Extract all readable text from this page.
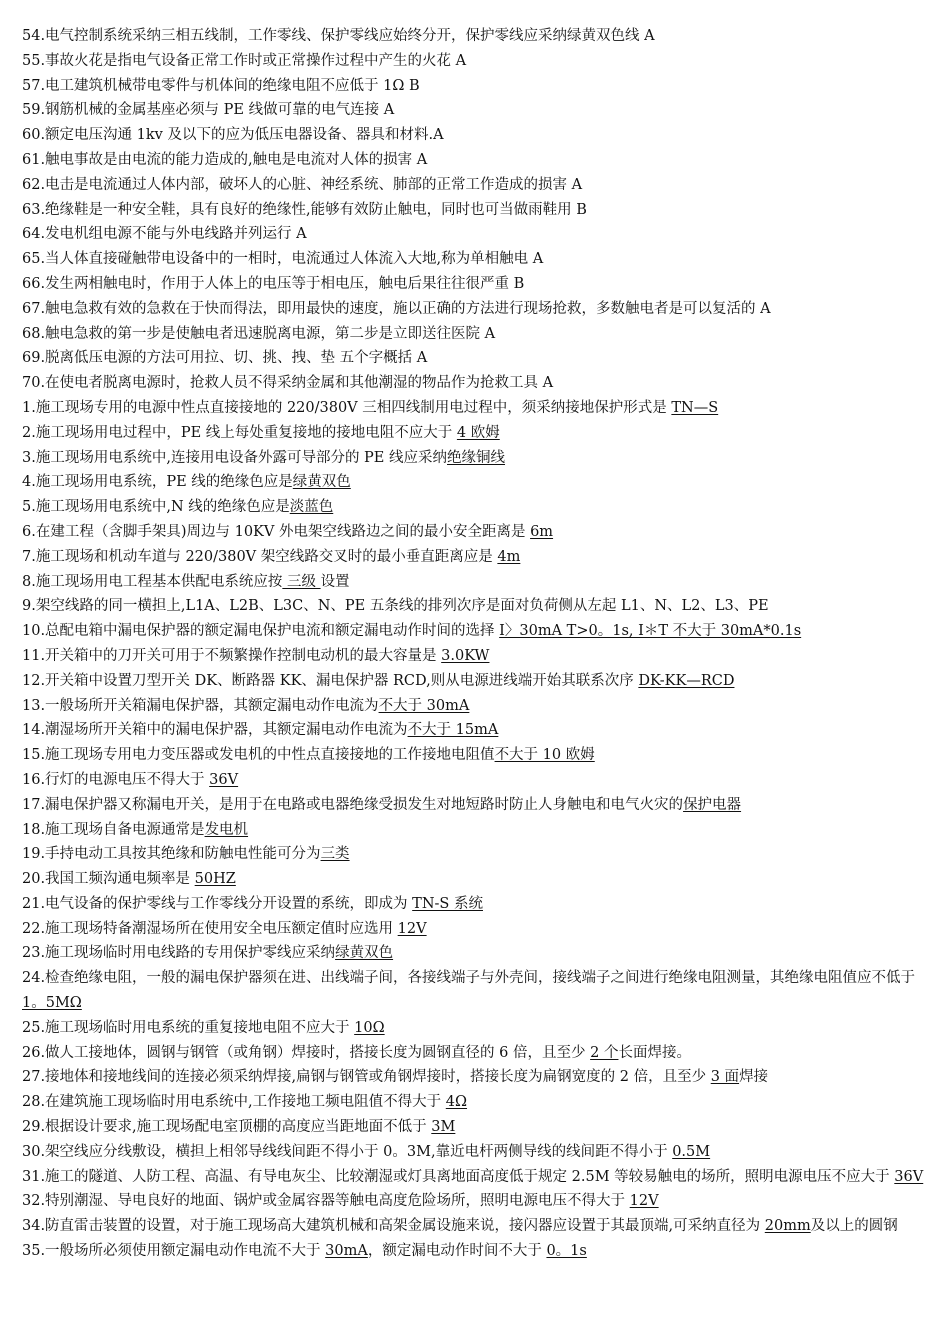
54.电气控制系统采纳三相五线制，工作零线、保护零线应始终分开，保护零线应采纳绿黄双色线 A
55.事故火花是指电气设备正常工作时或正常操作过程中产生的火花 A
57.电工建筑机械带电零件与机体间的绝缘电阻不应低于 1Ω B
59.钢筋机械的金属基座必须与 PE 线做可靠的电气连接 A
60.额定电压沟通 1kv 及以下的应为低压电器设备、器具和材料.A
61.触电事故是由电流的能力造成的,触电是电流对人体的损害 A
62.电击是电流通过人体内部，破坏人的心脏、神经系统、肺部的正常工作造成的损害 A
63.绝缘鞋是一种安全鞋，具有良好的绝缘性,能够有效防止触电，同时也可当做雨鞋用 B
64.发电机组电源不能与外电线路并列运行 A
65.当人体直接碰触带电设备中的一相时，电流通过人体流入大地,称为单相触电 A
66.发生两相触电时，作用于人体上的电压等于相电压，触电后果往往很严重 B
67.触电急救有效的急救在于快而得法，即用最快的速度，施以正确的方法进行现场抢救，多数触电者是可以复活的 A
68.触电急救的第一步是使触电者迅速脱离电源，第二步是立即送往医院 A
69.脱离低压电源的方法可用拉、切、挑、拽、垫 五个字概括 A
70.在使电者脱离电源时，抢救人员不得采纳金属和其他潮湿的物品作为抢救工具 A
1.施工现场专用的电源中性点直接接地的 220/380V 三相四线制用电过程中，须采纳接地保护形式是 TN—S
2.施工现场用电过程中，PE 线上每处重复接地的接地电阻不应大于 4 欧姆
3.施工现场用电系统中,连接用电设备外露可导部分的 PE 线应采纳绝缘铜线
4.施工现场用电系统，PE 线的绝缘色应是绿黄双色
5.施工现场用电系统中,N 线的绝缘色应是淡蓝色
6.在建工程（含脚手架具)周边与 10KV 外电架空线路边之间的最小安全距离是 6m
7.施工现场和机动车道与 220/380V 架空线路交叉时的最小垂直距离应是 4m
8.施工现场用电工程基本供配电系统应按 三级 设置
9.架空线路的同一横担上,L1A、L2B、L3C、N、PE 五条线的排列次序是面对负荷侧从左起 L1、N、L2、L3、PE
10.总配电箱中漏电保护器的额定漏电保护电流和额定漏电动作时间的选择 I〉30mA T>0。1s, I＊T 不大于 30mA*0.1s
11.开关箱中的刀开关可用于不频繁操作控制电动机的最大容量是 3.0KW
12.开关箱中设置刀型开关 DK、断路器 KK、漏电保护器 RCD,则从电源进线端开始其联系次序 DK-KK—RCD
13.一般场所开关箱漏电保护器，其额定漏电动作电流为不大于 30mA
14.潮湿场所开关箱中的漏电保护器，其额定漏电动作电流为不大于 15mA
15.施工现场专用电力变压器或发电机的中性点直接接地的工作接地电阻值不大于 10 欧姆
16.行灯的电源电压不得大于 36V
17.漏电保护器又称漏电开关，是用于在电路或电器绝缘受损发生对地短路时防止人身触电和电气火灾的保护电器
18.施工现场自备电源通常是发电机
19.手持电动工具按其绝缘和防触电性能可分为三类
20.我国工频沟通电频率是 50HZ
21.电气设备的保护零线与工作零线分开设置的系统，即成为 TN-S 系统
22.施工现场特备潮湿场所在使用安全电压额定值时应选用 12V
23.施工现场临时用电线路的专用保护零线应采纳绿黄双色
24.检查绝缘电阻，一般的漏电保护器须在进、出线端子间，各接线端子与外壳间，接线端子之间进行绝缘电阻测量，其绝缘电阻值应不低于 1。5MΩ
25.施工现场临时用电系统的重复接地电阻不应大于 10Ω
26.做人工接地体，圆钢与钢管（或角钢）焊接时，搭接长度为圆钢直径的 6 倍，且至少 2 个长面焊接。
27.接地体和接地线间的连接必须采纳焊接,扁钢与钢管或角钢焊接时，搭接长度为扁钢宽度的 2 倍，且至少 3 面焊接
28.在建筑施工现场临时用电系统中,工作接地工频电阻值不得大于 4Ω
29.根据设计要求,施工现场配电室顶棚的高度应当距地面不低于 3M
30.架空线应分线敷设，横担上相邻导线线间距不得小于 0。3M,靠近电杆两侧导线的线间距不得小于 0.5M
31.施工的隧道、人防工程、高温、有导电灰尘、比较潮湿或灯具离地面高度低于规定 2.5M 等较易触电的场所，照明电源电压不应大于 36V
32.特别潮湿、导电良好的地面、锅炉或金属容器等触电高度危险场所，照明电源电压不得大于 12V
34.防直雷击装置的设置，对于施工现场高大建筑机械和高架金属设施来说，接闪器应设置于其最顶端,可采纳直径为 20mm及以上的圆钢
35.一般场所必须使用额定漏电动作电流不大于 30mA，额定漏电动作时间不大于 0。1s
